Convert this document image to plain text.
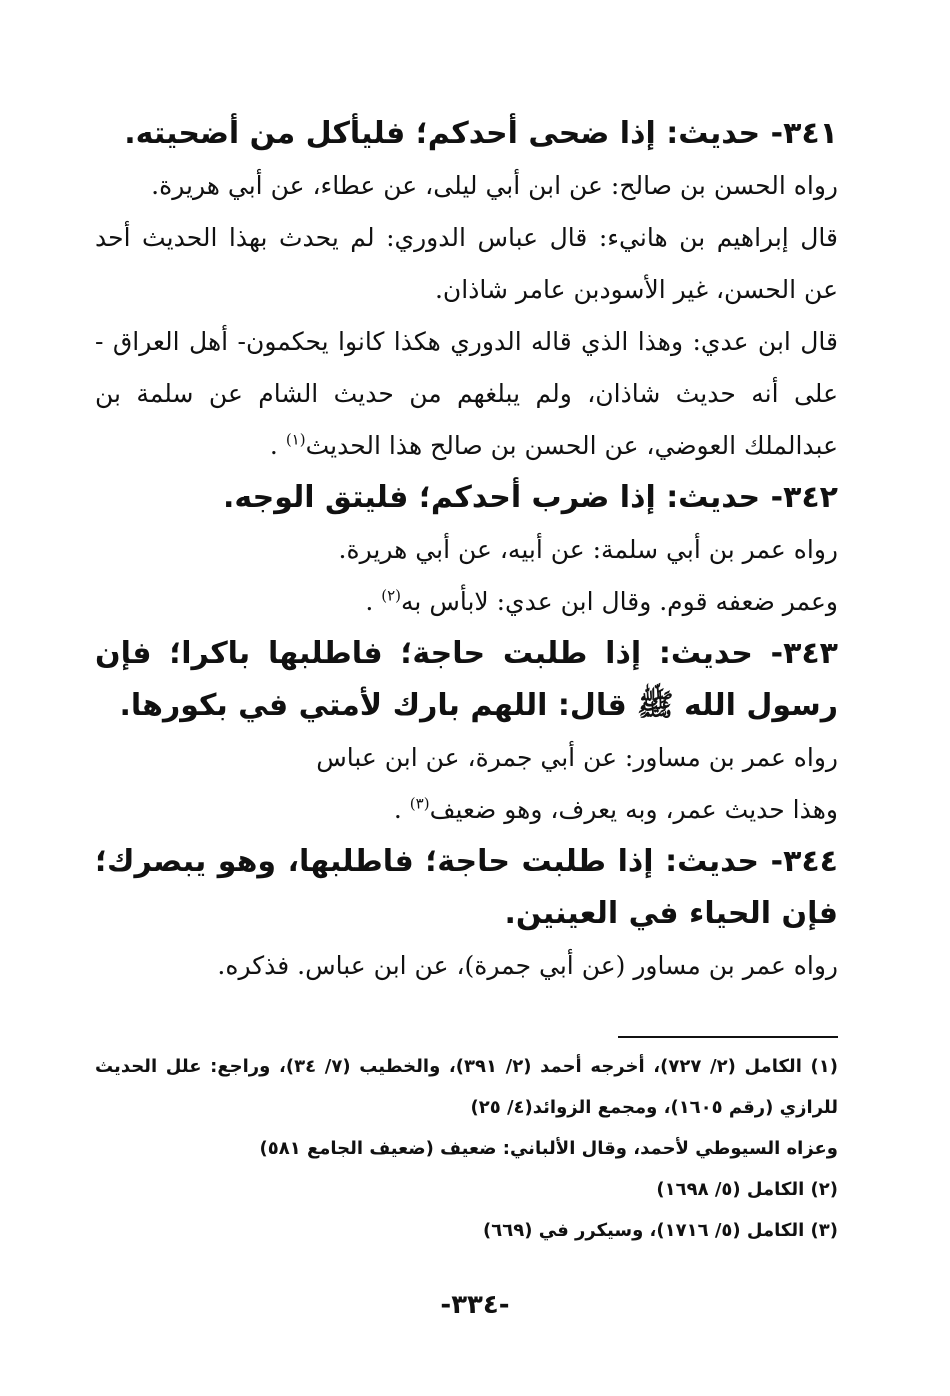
٣٤١- حديث: إذا ضحى أحدكم؛ فليأكل من أضحيته.

رواه الحسن بن صالح: عن ابن أبي ليلى، عن عطاء، عن أبي هريرة.

قال إبراهيم بن هانيء: قال عباس الدوري: لم يحدث بهذا الحديث أحد عن الحسن، غير الأسودبن عامر شاذان.

قال ابن عدي: وهذا الذي قاله الدوري هكذا كانوا يحكمون- أهل العراق - على أنه حديث شاذان، ولم يبلغهم من حديث الشام عن سلمة بن عبدالملك العوضي، عن الحسن بن صالح هذا الحديث$^{(١)}$ .

٣٤٢- حديث: إذا ضرب أحدكم؛ فليتق الوجه.

رواه عمر بن أبي سلمة: عن أبيه، عن أبي هريرة.

وعمر ضعفه قوم. وقال ابن عدي: لابأس به$^{(٢)}$ .

٣٤٣- حديث: إذا طلبت حاجة؛ فاطلبها باكرا؛ فإن رسول الله ﷺ قال: اللهم بارك لأمتي في بكورها.

رواه عمر بن مساور: عن أبي جمرة، عن ابن عباس

وهذا حديث عمر، وبه يعرف، وهو ضعيف$^{(٣)}$ .

٣٤٤- حديث: إذا طلبت حاجة؛ فاطلبها، وهو يبصرك؛ فإن الحياء في العينين.

رواه عمر بن مساور (عن أبي جمرة)، عن ابن عباس. فذكره.

(١) الكامل (٢/ ٧٢٧)، أخرجه أحمد (٢/ ٣٩١)، والخطيب (٧/ ٣٤)، وراجع: علل الحديث للرازي (رقم ١٦٠٥)، ومجمع الزوائد(٤/ ٢٥)

وعزاه السيوطي لأحمد، وقال الألباني: ضعيف (ضعيف الجامع ٥٨١)

(٢) الكامل (٥/ ١٦٩٨)

(٣) الكامل (٥/ ١٧١٦)، وسيكرر في (٦٦٩)

-٣٣٤-
